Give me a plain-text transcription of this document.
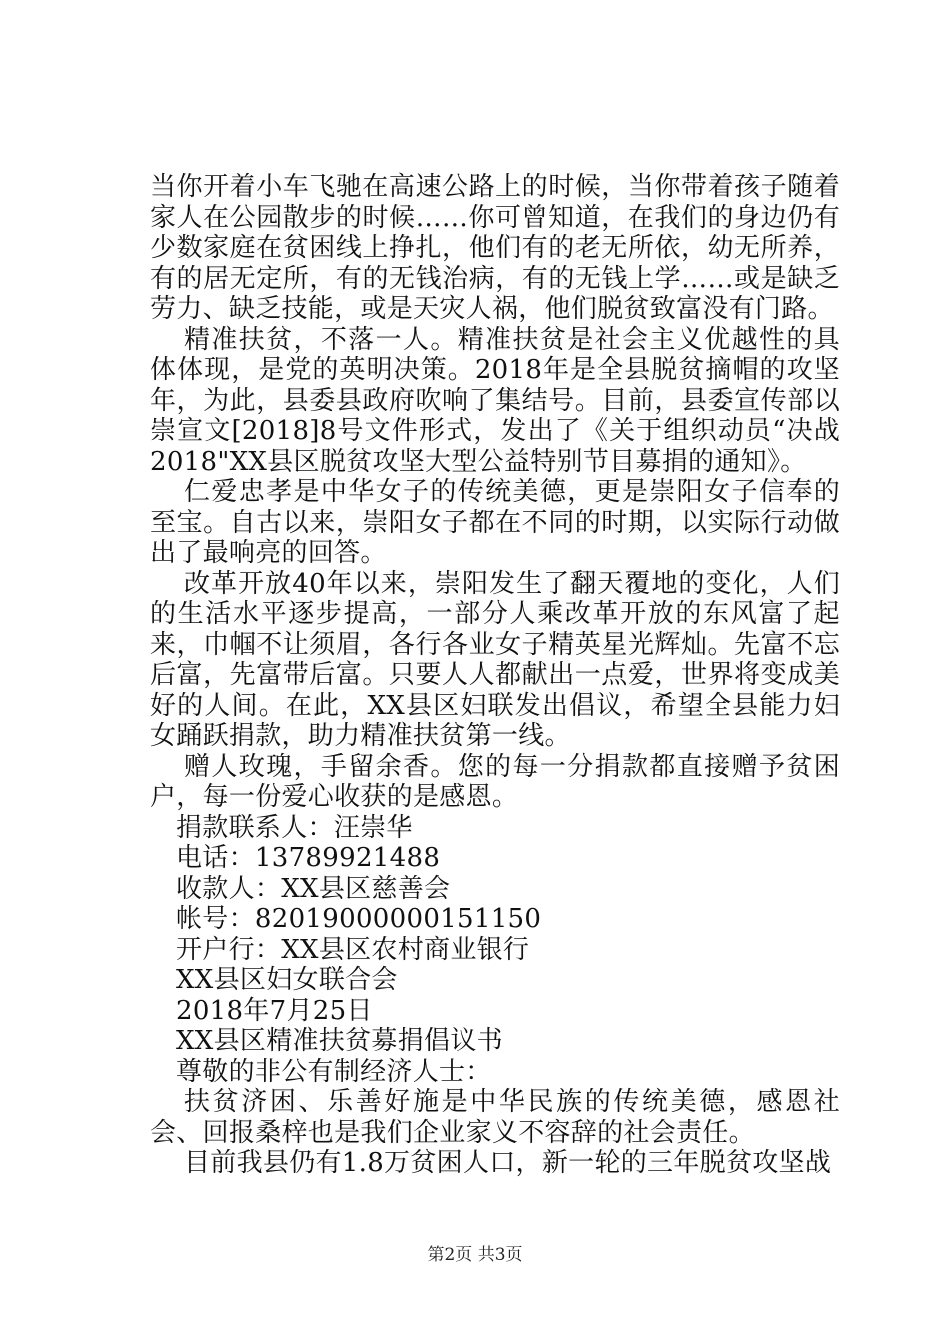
当你开着小车飞驰在高速公路上的时候，当你带着孩子随着家人在公园散步的时候……你可曾知道，在我们的身边仍有少数家庭在贫困线上挣扎，他们有的老无所依，幼无所养，有的居无定所，有的无钱治病，有的无钱上学……或是缺乏劳力、缺乏技能，或是天灾人祸，他们脱贫致富没有门路。

精准扶贫，不落一人。精准扶贫是社会主义优越性的具体体现，是党的英明决策。2018年是全县脱贫摘帽的攻坚年，为此，县委县政府吹响了集结号。目前，县委宣传部以崇宣文[2018]8号文件形式，发出了《关于组织动员“决战2018"XX县区脱贫攻坚大型公益特别节目募捐的通知》。

仁爱忠孝是中华女子的传统美德，更是崇阳女子信奉的至宝。自古以来，崇阳女子都在不同的时期，以实际行动做出了最响亮的回答。

改革开放40年以来，崇阳发生了翻天覆地的变化，人们的生活水平逐步提高，一部分人乘改革开放的东风富了起来，巾帼不让须眉，各行各业女子精英星光辉灿。先富不忘后富，先富带后富。只要人人都献出一点爱，世界将变成美好的人间。在此，XX县区妇联发出倡议，希望全县能力妇女踊跃捐款，助力精准扶贫第一线。

赠人玫瑰，手留余香。您的每一分捐款都直接赠予贫困户，每一份爱心收获的是感恩。

捐款联系人：汪崇华

电话：13789921488

收款人：XX县区慈善会

帐号：82019000000151150

开户行：XX县区农村商业银行

XX县区妇女联合会

2018年7月25日

XX县区精准扶贫募捐倡议书

尊敬的非公有制经济人士：

扶贫济困、乐善好施是中华民族的传统美德，感恩社会、回报桑梓也是我们企业家义不容辞的社会责任。

目前我县仍有1.8万贫困人口，新一轮的三年脱贫攻坚战

第2页 共3页
